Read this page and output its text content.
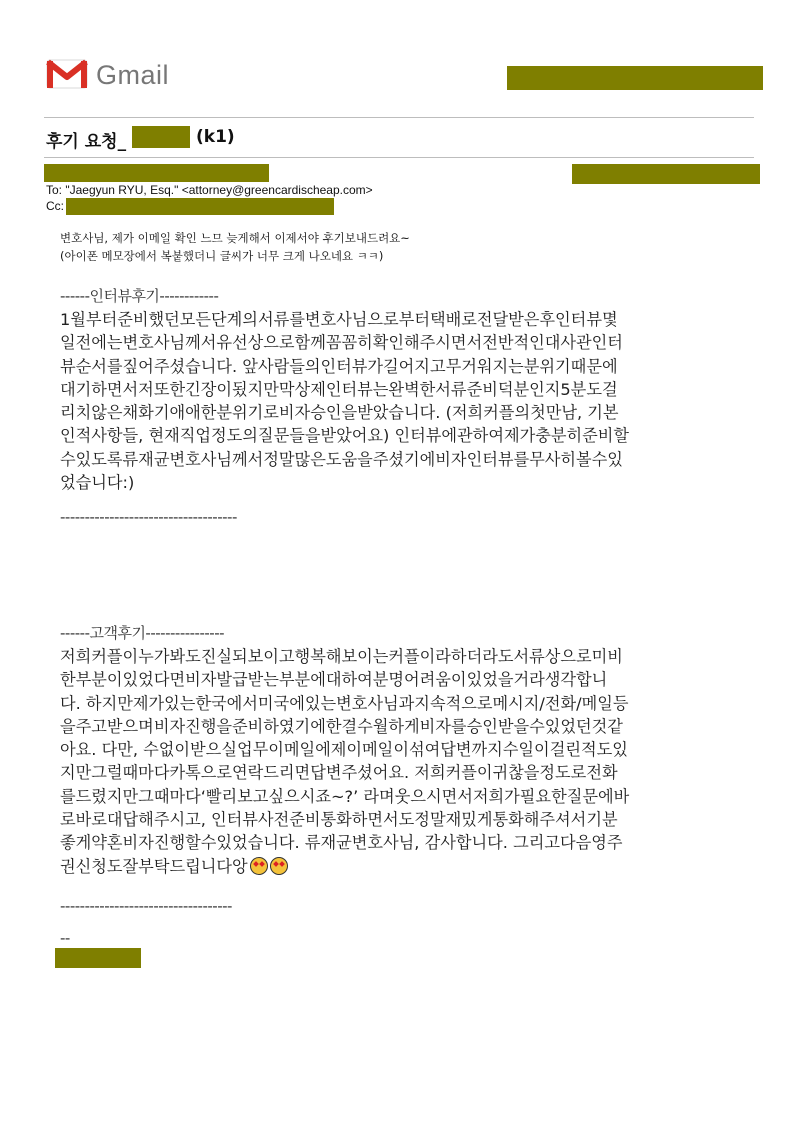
Gmail
후기 요청_	(k1)
To: "Jaegyun RYU, Esq." <attorney@greencardischeap.com>
Cc:
변호사님, 제가 이메일 확인 느므 늦게해서 이제서야 후기보내드려요~
(아이폰 메모장에서 복붙했더니 글씨가 너무 크게 나오네요 ㅋㅋ)
------인터뷰후기------------
1월부터준비했던모든단계의서류를변호사님으로부터택배로전달받은후인터뷰몇
일전에는변호사님께서유선상으로함께꼼꼼히확인해주시면서전반적인대사관인터
뷰순서를짚어주셨습니다. 앞사람들의인터뷰가길어지고무거워지는분위기때문에
대기하면서저또한긴장이됬지만막상제인터뷰는완벽한서류준비덕분인지5분도걸
리치않은채화기애애한분위기로비자승인을받았습니다. (저희커플의첫만남, 기본
인적사항들, 현재직업정도의질문들을받았어요) 인터뷰에관하여제가충분히준비할
수있도록류재균변호사님께서정말많은도움을주셨기에비자인터뷰를무사히볼수있
었습니다:)
------------------------------------
------고객후기----------------
저희커플이누가봐도진실되보이고행복해보이는커플이라하더라도서류상으로미비
한부분이있었다면비자발급받는부분에대하여분명어려움이있었을거라생각합니
다. 하지만제가있는한국에서미국에있는변호사님과지속적으로메시지/전화/메일등
을주고받으며비자진행을준비하였기에한결수월하게비자를승인받을수있었던것같
아요. 다만, 수없이받으실업무이메일에제이메일이섞여답변까지수일이걸린적도있
지만그럴때마다카톡으로연락드리면답변주셨어요. 저희커플이귀찮을정도로전화
를드렸지만그때마다‘빨리보고싶으시죠~?’ 라며웃으시면서저희가필요한질문에바
로바로대답해주시고, 인터뷰사전준비통화하면서도정말재밌게통화해주셔서기분
좋게약혼비자진행할수있었습니다. 류재균변호사님, 감사합니다. 그리고다음영주
권신청도잘부탁드립니다앙
-----------------------------------
--
